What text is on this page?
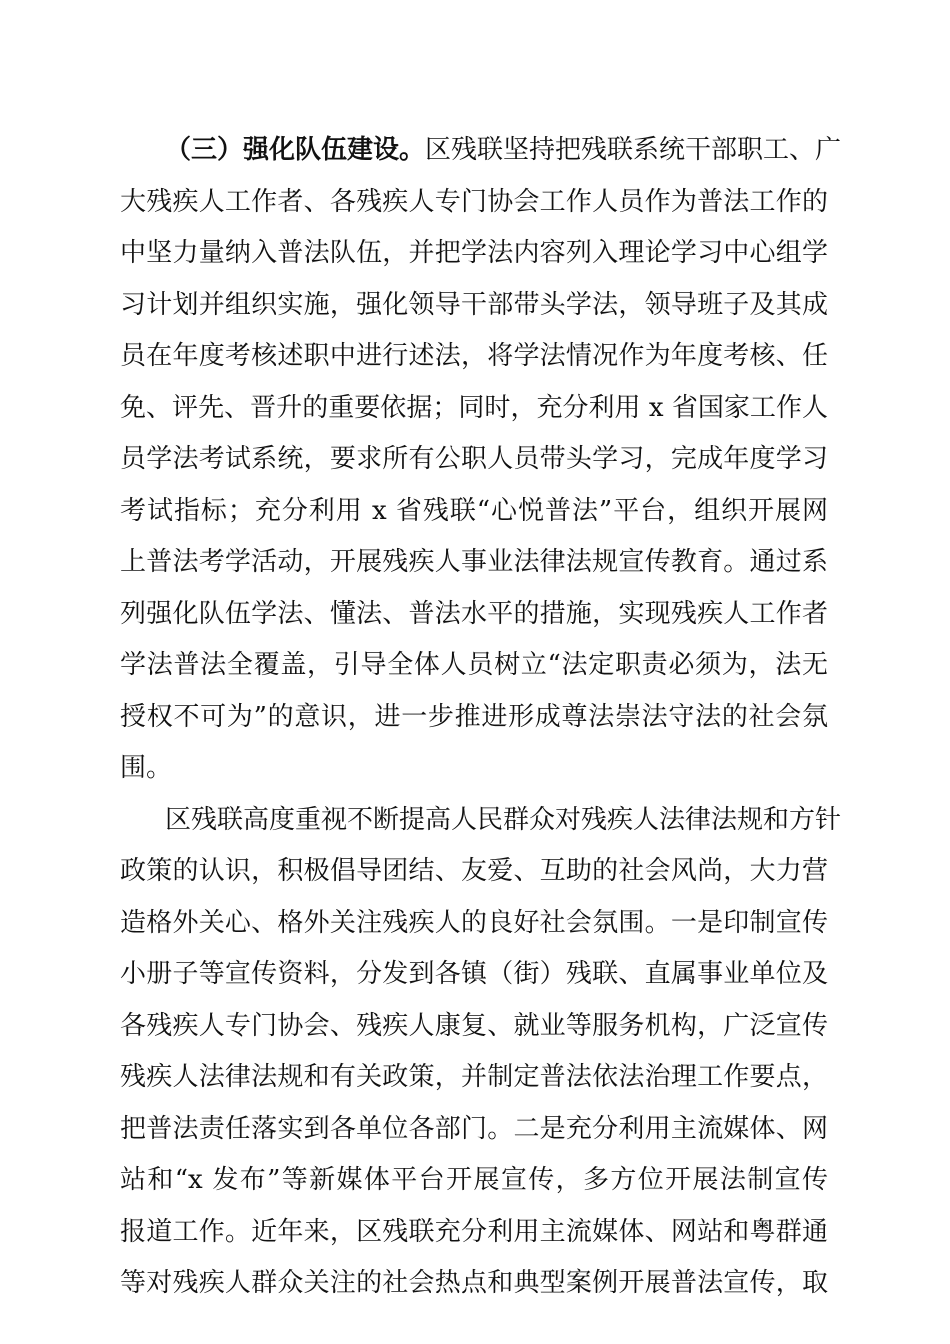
（三）强化队伍建设。区残联坚持把残联系统干部职工、广
大残疾人工作者、各残疾人专门协会工作人员作为普法工作的
中坚力量纳入普法队伍，并把学法内容列入理论学习中心组学
习计划并组织实施，强化领导干部带头学法，领导班子及其成
员在年度考核述职中进行述法，将学法情况作为年度考核、任
免、评先、晋升的重要依据；同时，充分利用 x 省国家工作人
员学法考试系统，要求所有公职人员带头学习，完成年度学习
考试指标；充分利用 x 省残联“心悦普法”平台，组织开展网
上普法考学活动，开展残疾人事业法律法规宣传教育。通过系
列强化队伍学法、懂法、普法水平的措施，实现残疾人工作者
学法普法全覆盖，引导全体人员树立“法定职责必须为，法无
授权不可为”的意识，进一步推进形成尊法崇法守法的社会氛
围。
区残联高度重视不断提高人民群众对残疾人法律法规和方针
政策的认识，积极倡导团结、友爱、互助的社会风尚，大力营
造格外关心、格外关注残疾人的良好社会氛围。一是印制宣传
小册子等宣传资料，分发到各镇（街）残联、直属事业单位及
各残疾人专门协会、残疾人康复、就业等服务机构，广泛宣传
残疾人法律法规和有关政策，并制定普法依法治理工作要点，
把普法责任落实到各单位各部门。二是充分利用主流媒体、网
站和“x 发布”等新媒体平台开展宣传，多方位开展法制宣传
报道工作。近年来，区残联充分利用主流媒体、网站和粤群通
等对残疾人群众关注的社会热点和典型案例开展普法宣传，取
